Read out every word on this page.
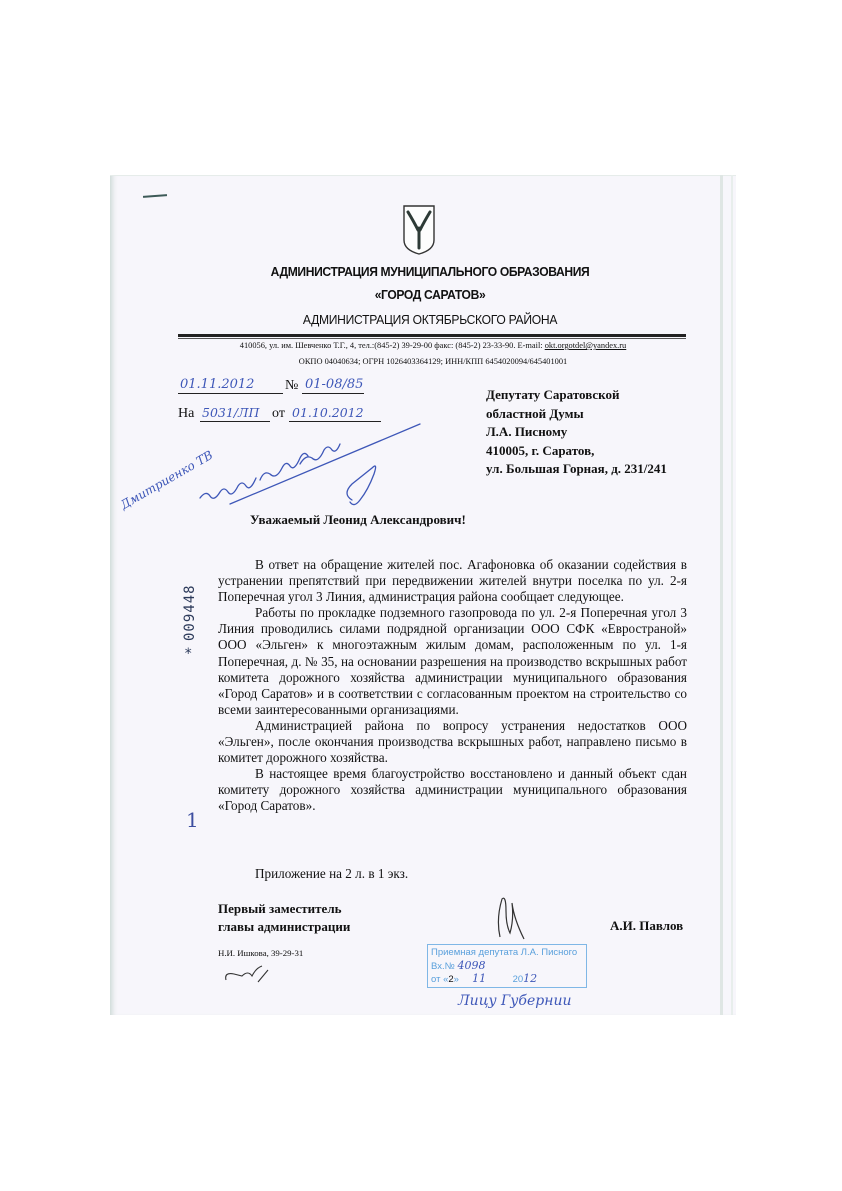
АДМИНИСТРАЦИЯ МУНИЦИПАЛЬНОГО ОБРАЗОВАНИЯ
«ГОРОД САРАТОВ»
АДМИНИСТРАЦИЯ ОКТЯБРЬСКОГО РАЙОНА
410056, ул. им. Шевченко Т.Г., 4, тел.:(845-2) 39-29-00 факс: (845-2) 23-33-90. E-mail: okt.orgotdel@yandex.ru
ОКПО 04040634; ОГРН 1026403364129; ИНН/КПП 6454020094/645401001
01.11.2012 № 01-08/85
На 5031/ЛП от 01.10.2012
Депутату Саратовской
областной Думы
Л.А. Писному
410005, г. Саратов,
ул. Большая Горная, д. 231/241
Дмитриенко ТВ
Уважаемый Леонид Александрович!
009448
*

В ответ на обращение жителей пос. Агафоновка об оказании содействия в устранении препятствий при передвижении жителей внутри поселка по ул. 2-я Поперечная угол 3 Линия, администрация района сообщает следующее.

Работы по прокладке подземного газопровода по ул. 2-я Поперечная угол 3 Линия проводились силами подрядной организации ООО СФК «Евространой» ООО «Эльген» к многоэтажным жилым домам, расположенным по ул. 1-я Поперечная, д. № 35, на основании разрешения на производство вскрышных работ комитета дорожного хозяйства администрации муниципального образования «Город Саратов» и в соответствии с согласованным проектом на строительство со всеми заинтересованными организациями.

Администрацией района по вопросу устранения недостатков ООО «Эльген», после окончания производства вскрышных работ, направлено письмо в комитет дорожного хозяйства.

В настоящее время благоустройство восстановлено и данный объект сдан комитету дорожного хозяйства администрации муниципального образования «Город Саратов».

1
Приложение на 2 л. в 1 экз.
Первый заместитель
главы администрации	А.И. Павлов
Н.И. Ишкова, 39-29-31	Приемная депутата Л.А. Писного
Вх.№ 4098
от «2» 11	2012
Лицу Губернии
